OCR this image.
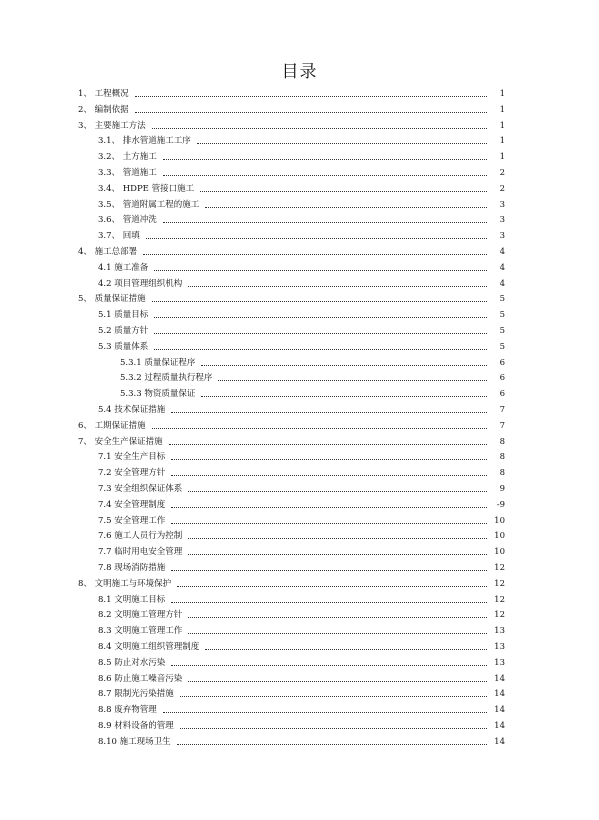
目录
1、 工程概况	1
2、 编制依据	1
3、 主要施工方法	1
3.1、 排水管道施工工序	1
3.2、 土方施工	1
3.3、 管道施工	2
3.4、 HDPE 管接口施工	2
3.5、 管道附属工程的施工	3
3.6、 管道冲洗	3
3.7、 回填	3
4、 施工总部署	4
4.1 施工准备	4
4.2 项目管理组织机构	4
5、 质量保证措施	5
5.1 质量目标	5
5.2 质量方针	5
5.3 质量体系	5
5.3.1 质量保证程序	6
5.3.2 过程质量执行程序	6
5.3.3 物资质量保证	6
5.4 技术保证措施	7
6、 工期保证措施	7
7、 安全生产保证措施	8
7.1 安全生产目标	8
7.2 安全管理方针	8
7.3 安全组织保证体系	9
7.4 安全管理制度	-9
7.5 安全管理工作	10
7.6 施工人员行为控制	10
7.7 临时用电安全管理	10
7.8 现场消防措施	12
8、 文明施工与环境保护	12
8.1 文明施工目标	12
8.2 文明施工管理方针	12
8.3 文明施工管理工作	13
8.4 文明施工组织管理制度	13
8.5 防止对水污染	13
8.6 防止施工噪音污染	14
8.7 限制光污染措施	14
8.8 废弃物管理	14
8.9 材料设备的管理	14
8.10 施工现场卫生	14
